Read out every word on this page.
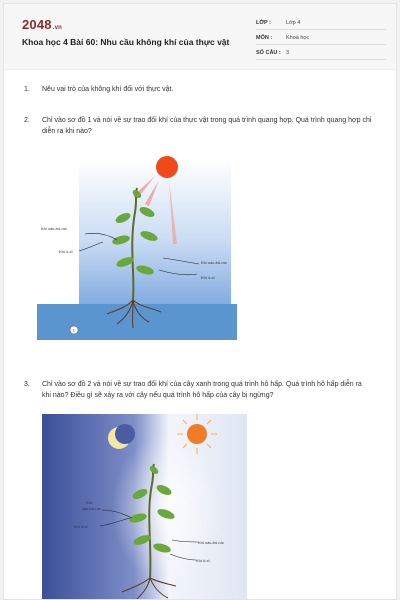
2048.vn
Khoa học 4 Bài 60: Nhu cầu không khí của thực vật
LỚP :	Lớp 4
MÔN :	Khoa học
SỐ CÂU : 3
1. Nêu vai trò của không khí đối với thực vật.
2. Chỉ vào sơ đồ 1 và nói về sự trao đổi khí của thực vật trong quá trình quang hợp. Quá trình quang hợp chỉ diễn ra khi nào?
Khí các-bô-níc
Khí ô-xi
Khí các-bô-níc
Khí ô-xi
1
3. Chỉ vào sơ đồ 2 và nói về sự trao đổi khí của cây xanh trong quá trình hô hấp. Quá trình hô hấp diễn ra khi nào? Điều gì sẽ xảy ra với cây nếu quá trình hô hấp của cây bị ngừng?
Khí
các-bô-níc
Khí ô-xi
Khí các-bô-níc
Khí ô-xi
